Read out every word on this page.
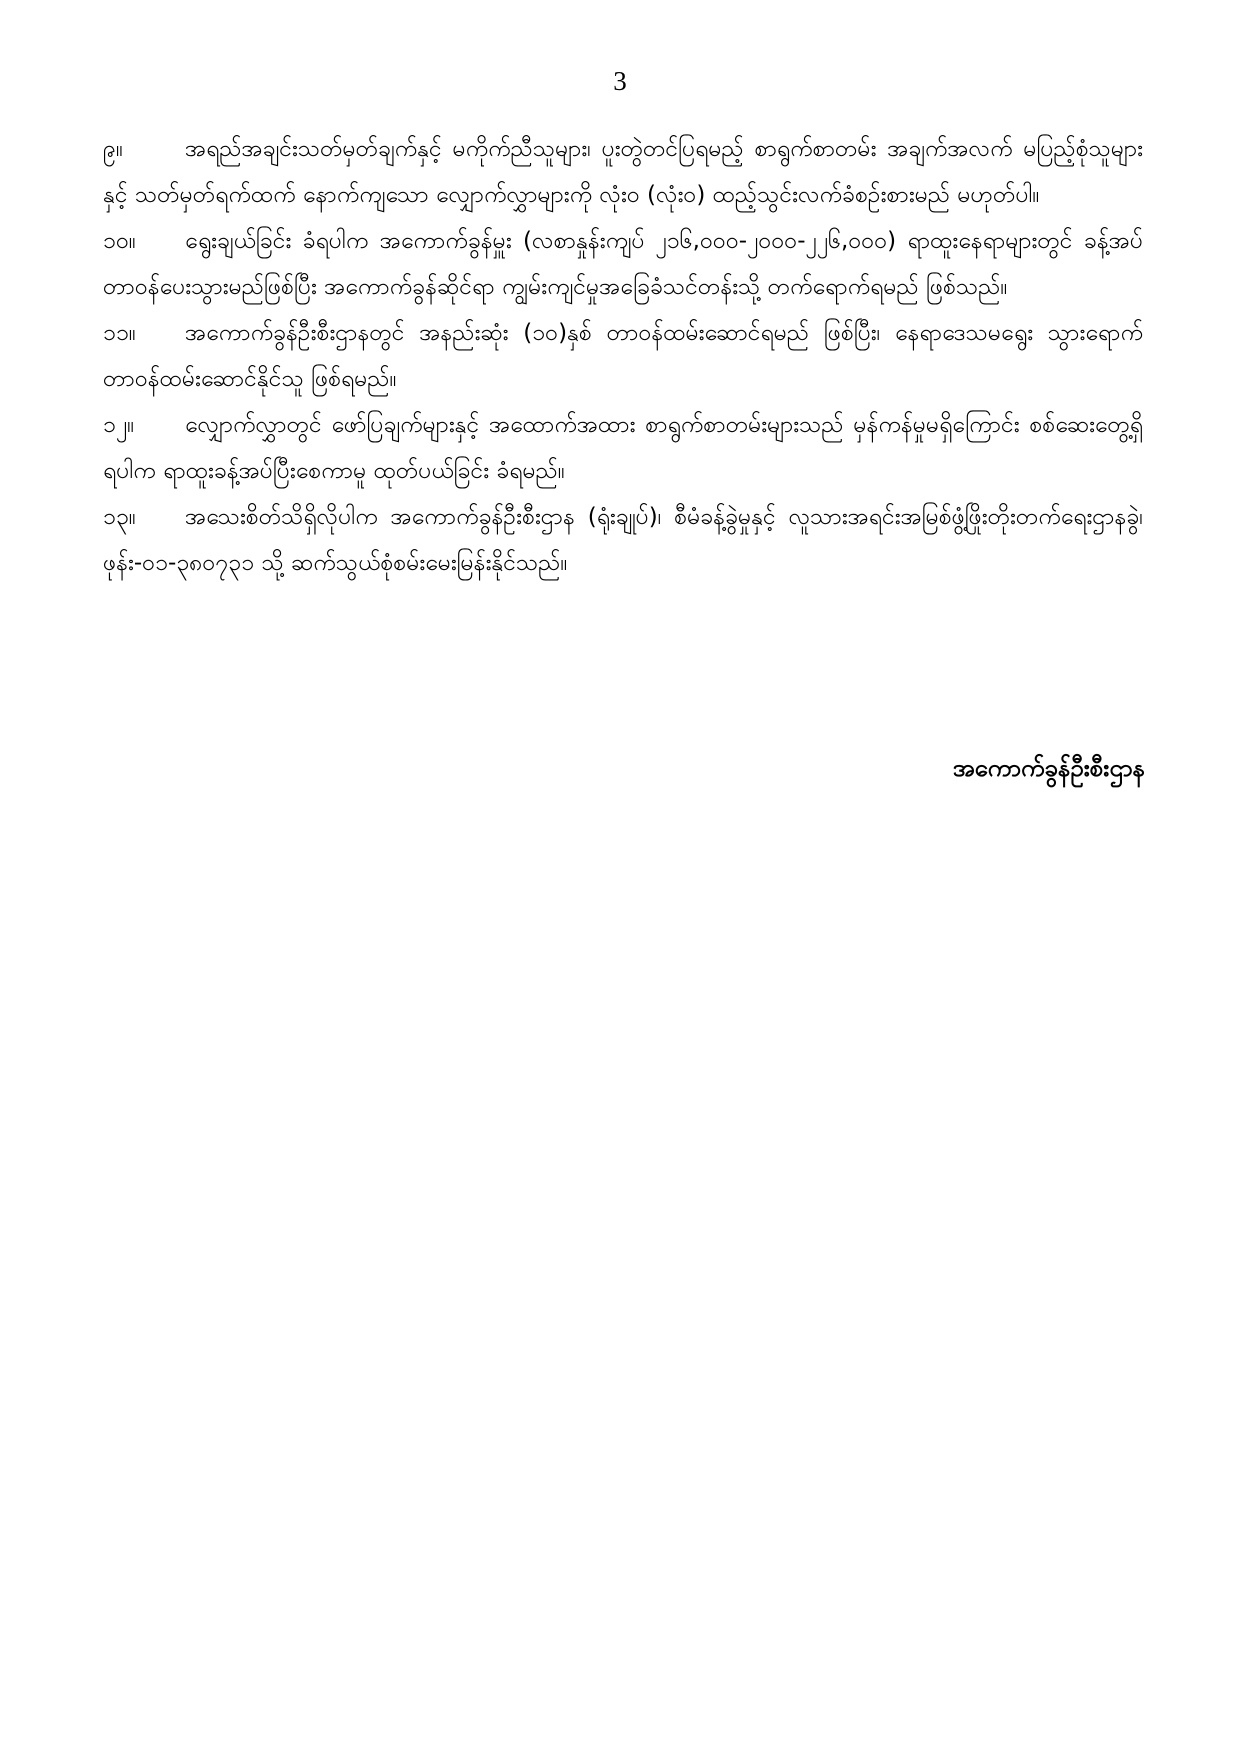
3

၉။	အရည်အချင်းသတ်မှတ်ချက်နှင့် မကိုက်ညီသူများ၊ ပူးတွဲတင်ပြရမည့် စာရွက်စာတမ်း အချက်အလက် မပြည့်စုံသူများနှင့် သတ်မှတ်ရက်ထက် နောက်ကျသော လျှောက်လွှာများကို လုံးဝ (လုံးဝ) ထည့်သွင်းလက်ခံစဉ်းစားမည် မဟုတ်ပါ။

၁၀။ ရွေးချယ်ခြင်း ခံရပါက အကောက်ခွန်မှူး (လစာနှုန်းကျပ် ၂၁၆,၀၀၀-၂၀၀၀-၂၂၆,၀၀၀) ရာထူးနေရာများတွင် ခန့်အပ်တာဝန်ပေးသွားမည်ဖြစ်ပြီး အကောက်ခွန်ဆိုင်ရာ ကျွမ်းကျင်မှုအခြေခံသင်တန်းသို့ တက်ရောက်ရမည် ဖြစ်သည်။

၁၁။ အကောက်ခွန်ဦးစီးဌာနတွင် အနည်းဆုံး (၁၀)နှစ် တာဝန်ထမ်းဆောင်ရမည် ဖြစ်ပြီး၊ နေရာဒေသမရွေး သွားရောက်တာဝန်ထမ်းဆောင်နိုင်သူ ဖြစ်ရမည်။

၁၂။ လျှောက်လွှာတွင် ဖော်ပြချက်များနှင့် အထောက်အထား စာရွက်စာတမ်းများသည် မှန်ကန်မှုမရှိကြောင်း စစ်ဆေးတွေ့ရှိရပါက ရာထူးခန့်အပ်ပြီးစေကာမူ ထုတ်ပယ်ခြင်း ခံရမည်။

၁၃။ အသေးစိတ်သိရှိလိုပါက အကောက်ခွန်ဦးစီးဌာန (ရုံးချုပ်)၊ စီမံခန့်ခွဲမှုနှင့် လူသားအရင်းအမြစ်ဖွံ့ဖြိုးတိုးတက်ရေးဌာနခွဲ၊ ဖုန်း-၀၁-၃၈၀၇၃၁ သို့ ဆက်သွယ်စုံစမ်းမေးမြန်းနိုင်သည်။

အကောက်ခွန်ဦးစီးဌာန
